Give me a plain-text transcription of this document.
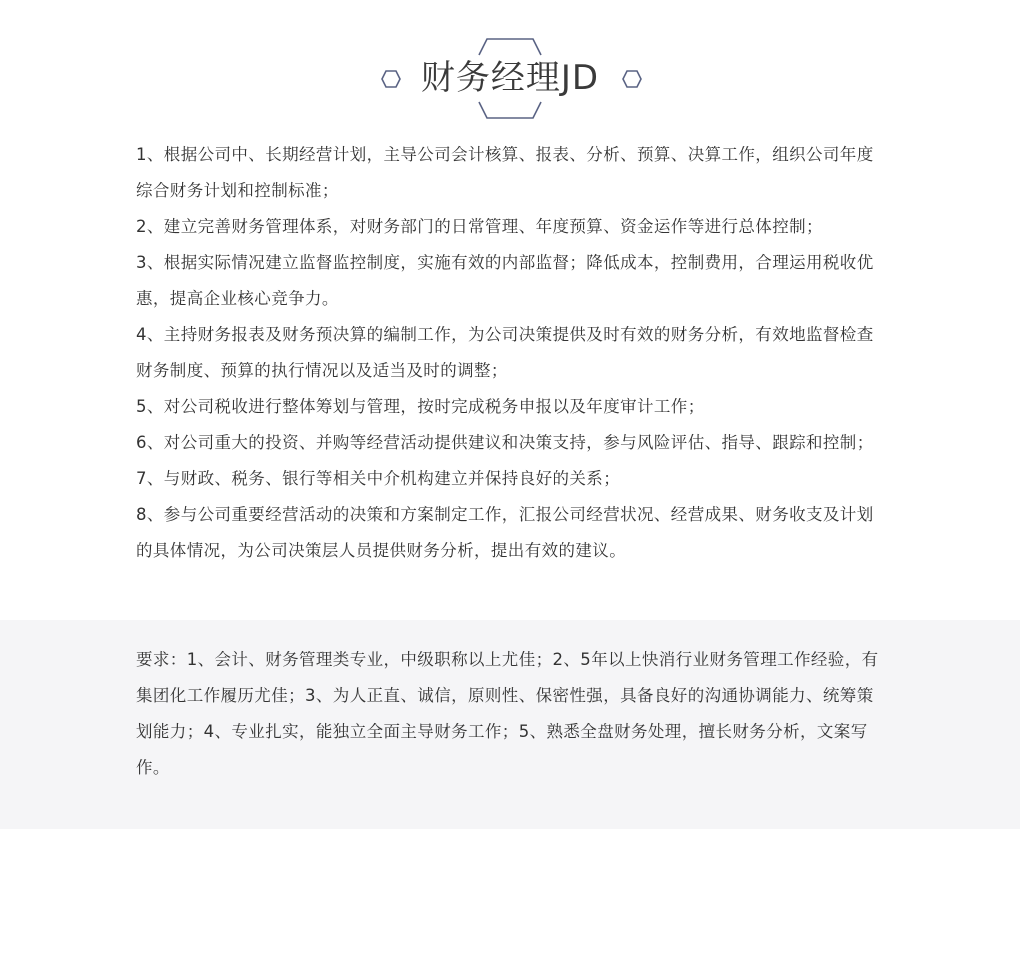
财务经理JD
1、根据公司中、长期经营计划，主导公司会计核算、报表、分析、预算、决算工作，组织公司年度综合财务计划和控制标准；
2、建立完善财务管理体系，对财务部门的日常管理、年度预算、资金运作等进行总体控制；
3、根据实际情况建立监督监控制度，实施有效的内部监督；降低成本，控制费用，合理运用税收优惠，提高企业核心竞争力。
4、主持财务报表及财务预决算的编制工作，为公司决策提供及时有效的财务分析，有效地监督检查财务制度、预算的执行情况以及适当及时的调整；
5、对公司税收进行整体筹划与管理，按时完成税务申报以及年度审计工作；
6、对公司重大的投资、并购等经营活动提供建议和决策支持，参与风险评估、指导、跟踪和控制；
7、与财政、税务、银行等相关中介机构建立并保持良好的关系；
8、参与公司重要经营活动的决策和方案制定工作，汇报公司经营状况、经营成果、财务收支及计划的具体情况，为公司决策层人员提供财务分析，提出有效的建议。

要求：1、会计、财务管理类专业，中级职称以上尤佳；2、5年以上快消行业财务管理工作经验，有集团化工作履历尤佳；3、为人正直、诚信，原则性、保密性强，具备良好的沟通协调能力、统筹策划能力；4、专业扎实，能独立全面主导财务工作；5、熟悉全盘财务处理，擅长财务分析，文案写作。
